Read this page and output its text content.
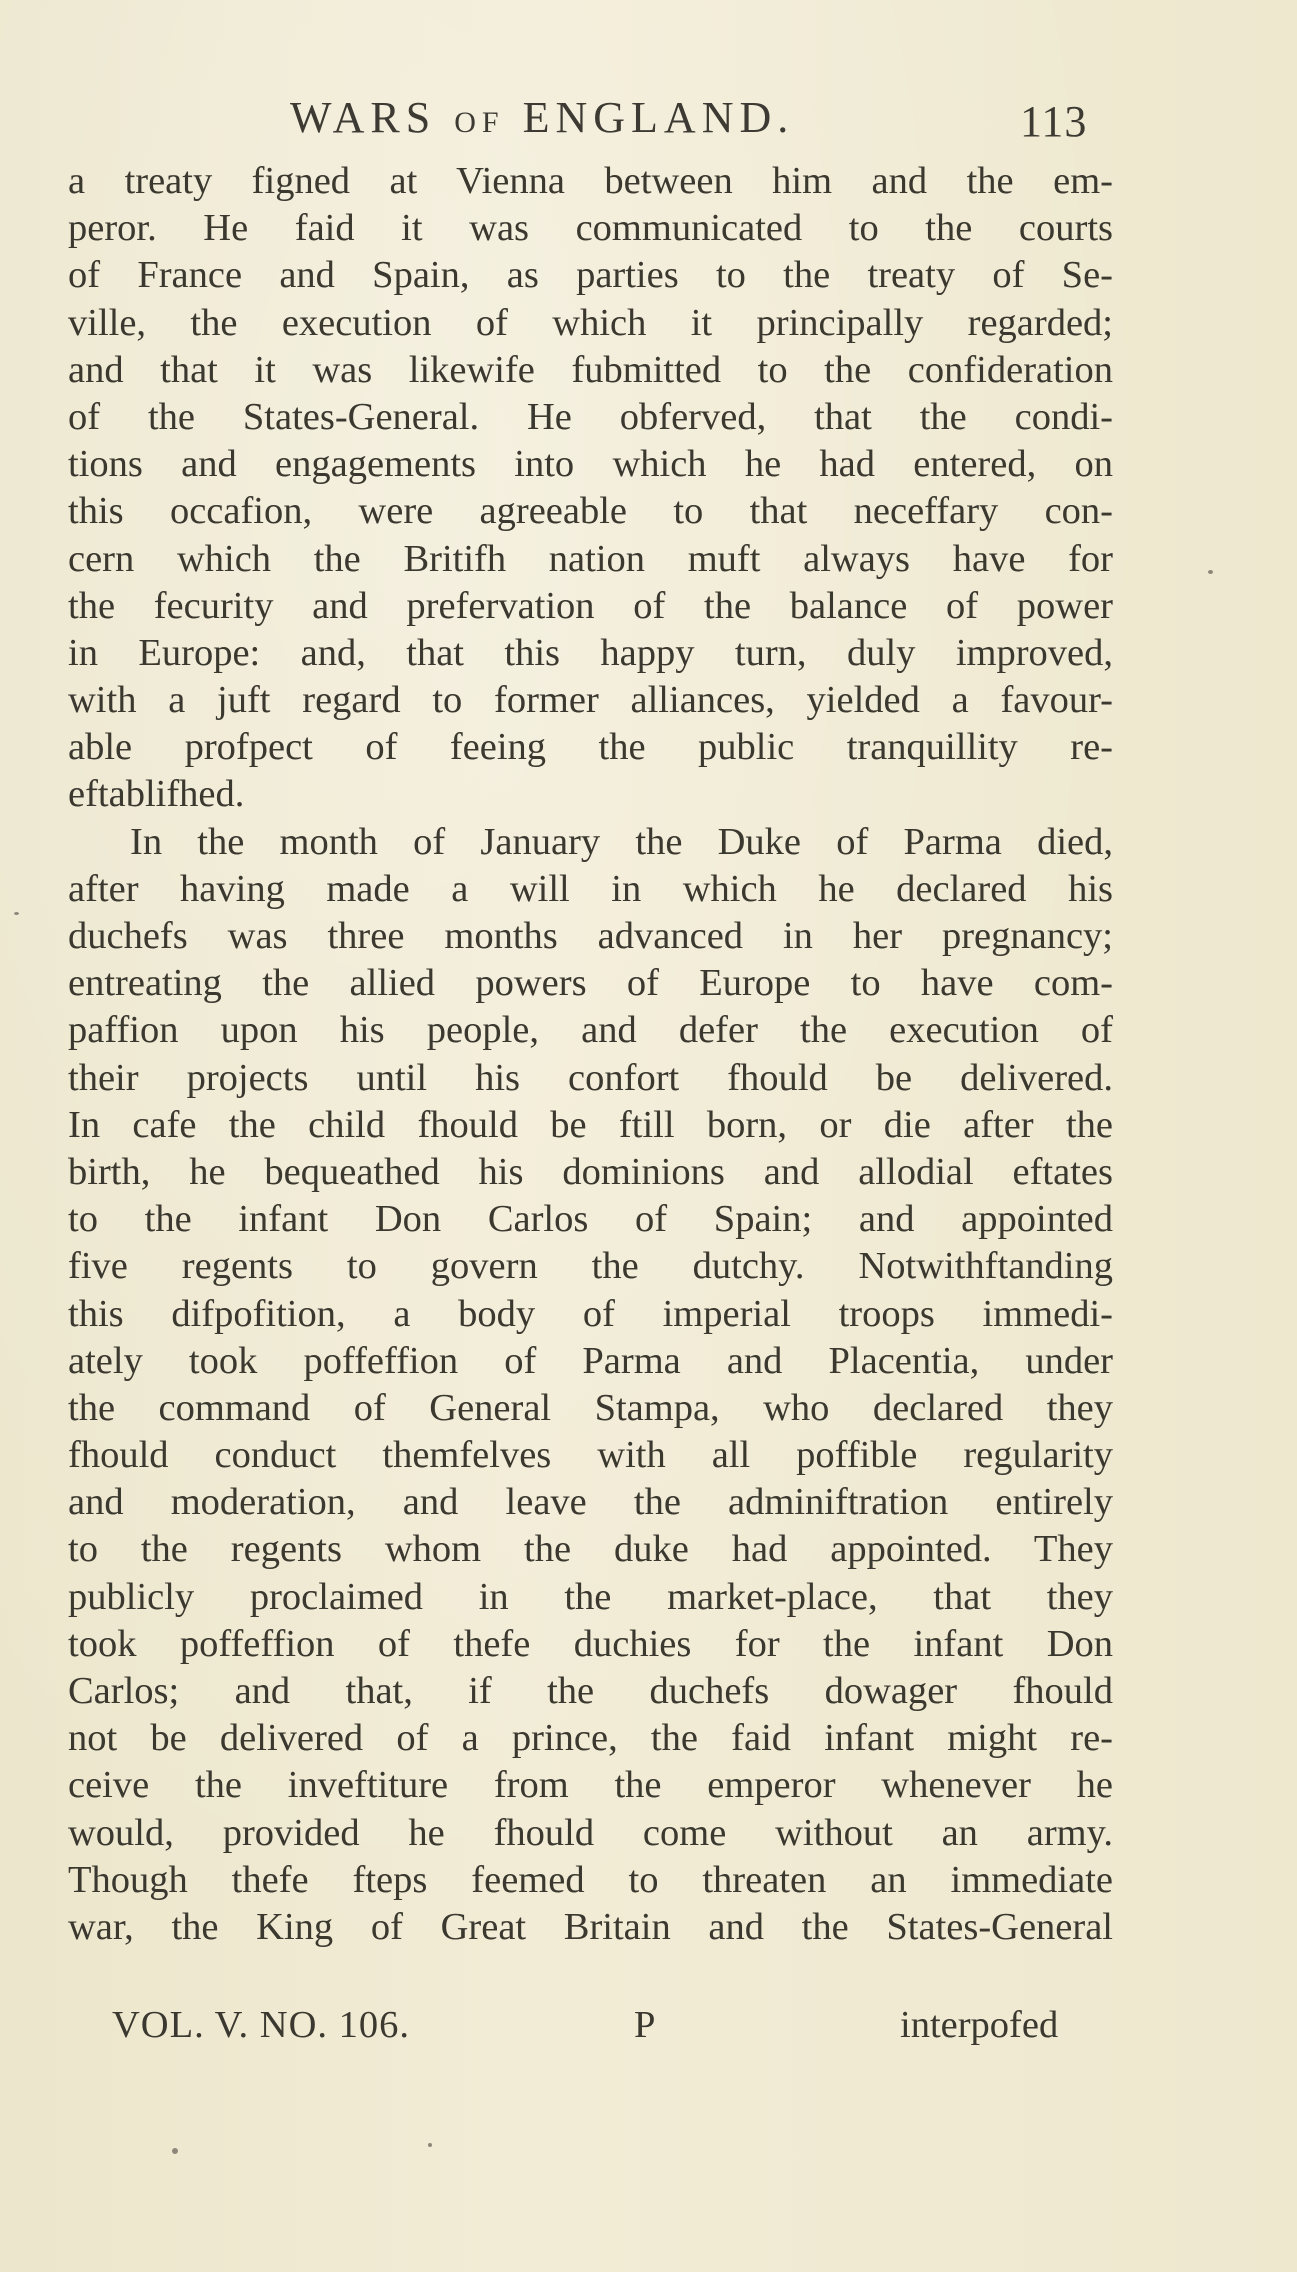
WARS OF ENGLAND.	113
a treaty figned at Vienna between him and the em-
peror. He faid it was communicated to the courts
of France and Spain, as parties to the treaty of Se-
ville, the execution of which it principally regarded;
and that it was likewife fubmitted to the confideration
of the States-General. He obferved, that the condi-
tions and engagements into which he had entered, on
this occafion, were agreeable to that neceffary con-
cern which the Britifh nation muft always have for
the fecurity and prefervation of the balance of power
in Europe: and, that this happy turn, duly improved,
with a juft regard to former alliances, yielded a favour-
able profpect of feeing the public tranquillity re-
eftablifhed.
In the month of January the Duke of Parma died,
after having made a will in which he declared his
duchefs was three months advanced in her pregnancy;
entreating the allied powers of Europe to have com-
paffion upon his people, and defer the execution of
their projects until his confort fhould be delivered.
In cafe the child fhould be ftill born, or die after the
birth, he bequeathed his dominions and allodial eftates
to the infant Don Carlos of Spain; and appointed
five regents to govern the dutchy. Notwithftanding
this difpofition, a body of imperial troops immedi-
ately took poffeffion of Parma and Placentia, under
the command of General Stampa, who declared they
fhould conduct themfelves with all poffible regularity
and moderation, and leave the adminiftration entirely
to the regents whom the duke had appointed. They
publicly proclaimed in the market-place, that they
took poffeffion of thefe duchies for the infant Don
Carlos; and that, if the duchefs dowager fhould
not be delivered of a prince, the faid infant might re-
ceive the inveftiture from the emperor whenever he
would, provided he fhould come without an army.
Though thefe fteps feemed to threaten an immediate
war, the King of Great Britain and the States-General
VOL. V. NO. 106.	P	interpofed
